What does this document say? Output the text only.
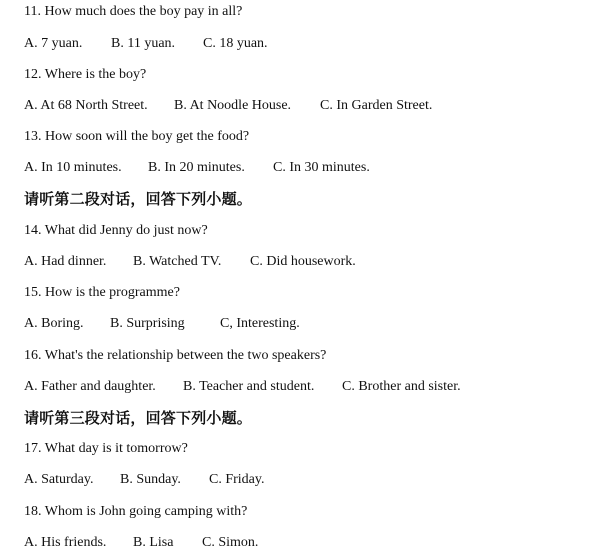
11. How much does the boy pay in all?
A. 7 yuan. B. 11 yuan. C. 18 yuan.
12. Where is the boy?
A. At 68 North Street. B. At Noodle House. C. In Garden Street.
13. How soon will the boy get the food?
A. In 10 minutes. B. In 20 minutes. C. In 30 minutes.
请听第二段对话，回答下列小题。
14. What did Jenny do just now?
A. Had dinner. B. Watched TV. C. Did housework.
15. How is the programme?
A. Boring. B. Surprising	C, Interesting.
16. What's the relationship between the two speakers?
A. Father and daughter. B. Teacher and student. C. Brother and sister.
请听第三段对话，回答下列小题。
17. What day is it tomorrow?
A. Saturday. B. Sunday. C. Friday.
18. Whom is John going camping with?
A. His friends. B. Lisa C. Simon.
